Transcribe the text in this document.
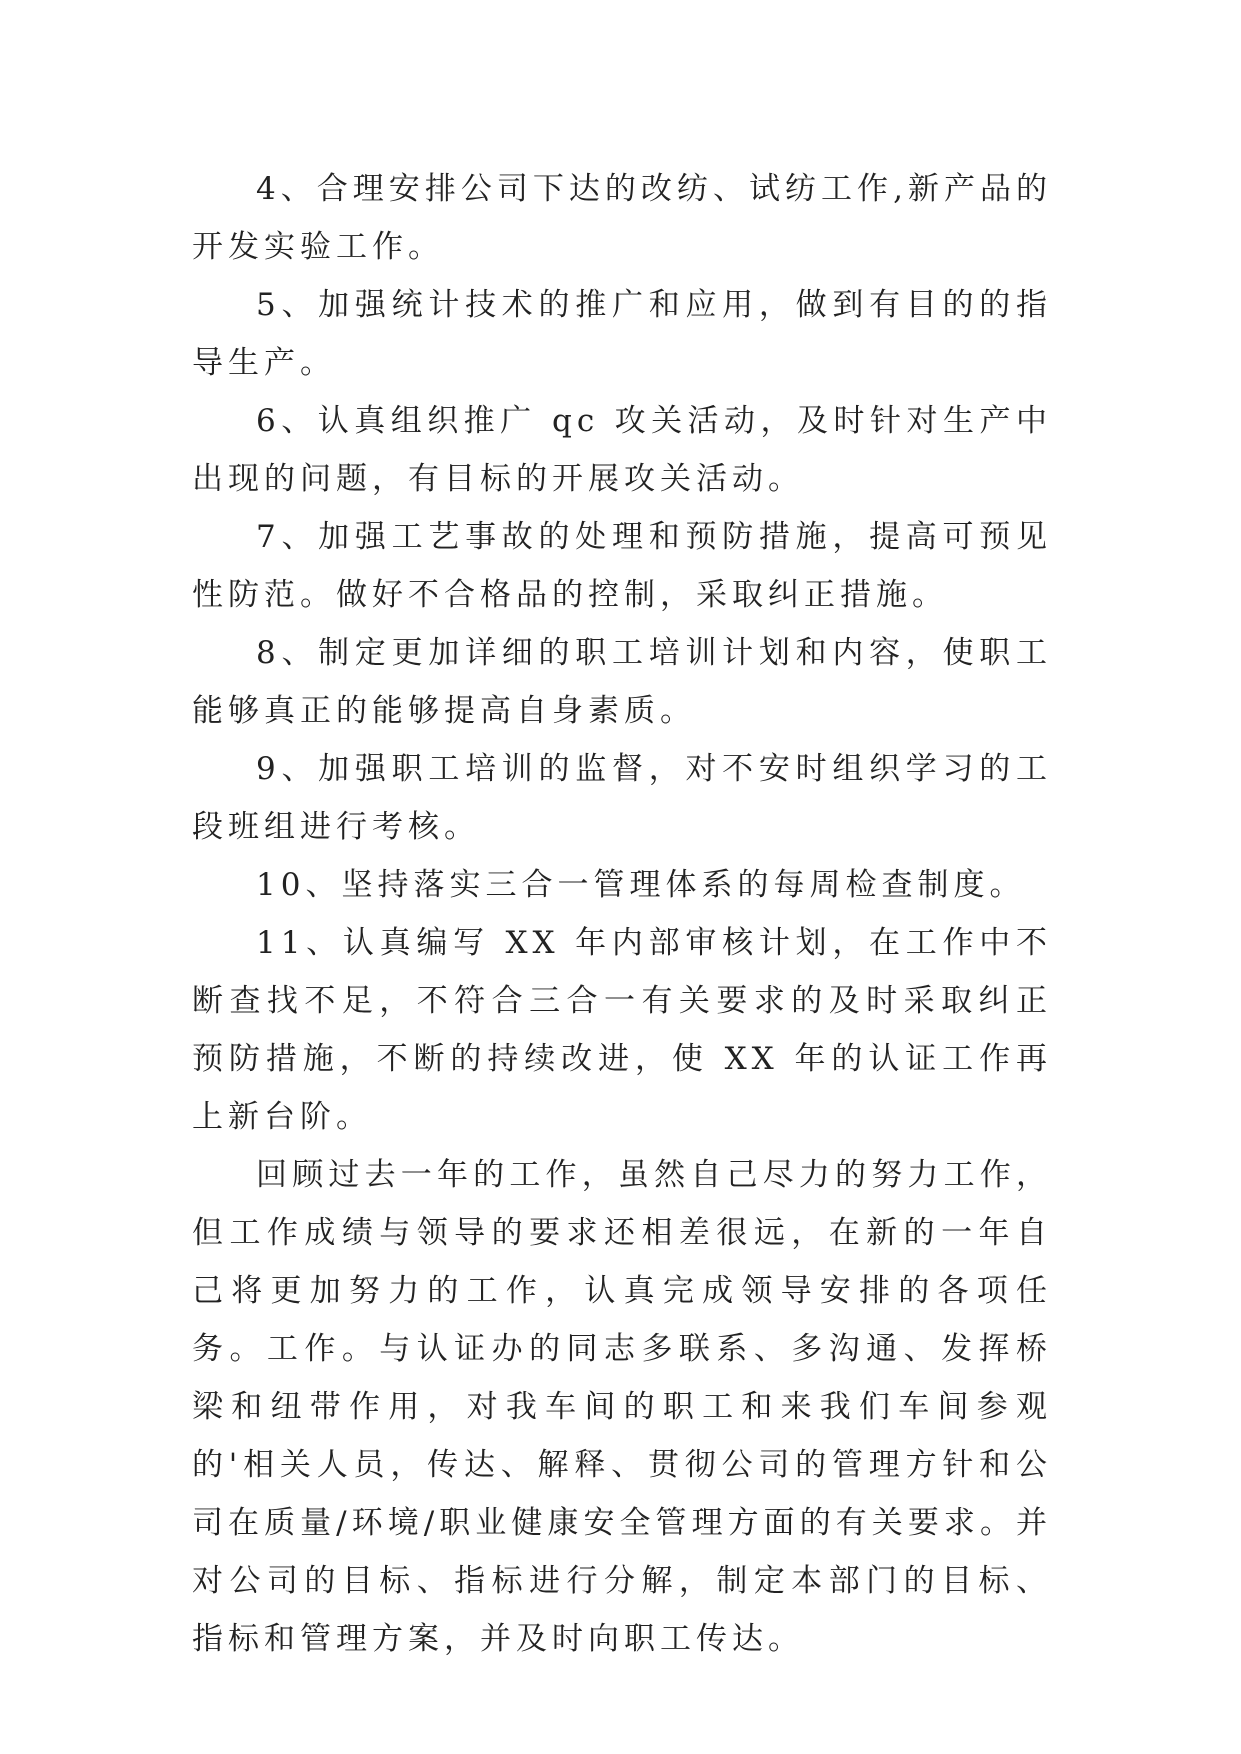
4、合理安排公司下达的改纺、试纺工作,新产品的开发实验工作。

5、加强统计技术的推广和应用，做到有目的的指导生产。

6、认真组织推广 qc 攻关活动，及时针对生产中出现的问题，有目标的开展攻关活动。

7、加强工艺事故的处理和预防措施，提高可预见性防范。做好不合格品的控制，采取纠正措施。

8、制定更加详细的职工培训计划和内容，使职工能够真正的能够提高自身素质。

9、加强职工培训的监督，对不安时组织学习的工段班组进行考核。

10、坚持落实三合一管理体系的每周检查制度。

11、认真编写 XX 年内部审核计划，在工作中不断查找不足，不符合三合一有关要求的及时采取纠正预防措施，不断的持续改进，使 XX 年的认证工作再上新台阶。

回顾过去一年的工作，虽然自己尽力的努力工作，但工作成绩与领导的要求还相差很远，在新的一年自己将更加努力的工作，认真完成领导安排的各项任务。工作。与认证办的同志多联系、多沟通、发挥桥梁和纽带作用，对我车间的职工和来我们车间参观的'相关人员，传达、解释、贯彻公司的管理方针和公司在质量/环境/职业健康安全管理方面的有关要求。并对公司的目标、指标进行分解，制定本部门的目标、指标和管理方案，并及时向职工传达。
